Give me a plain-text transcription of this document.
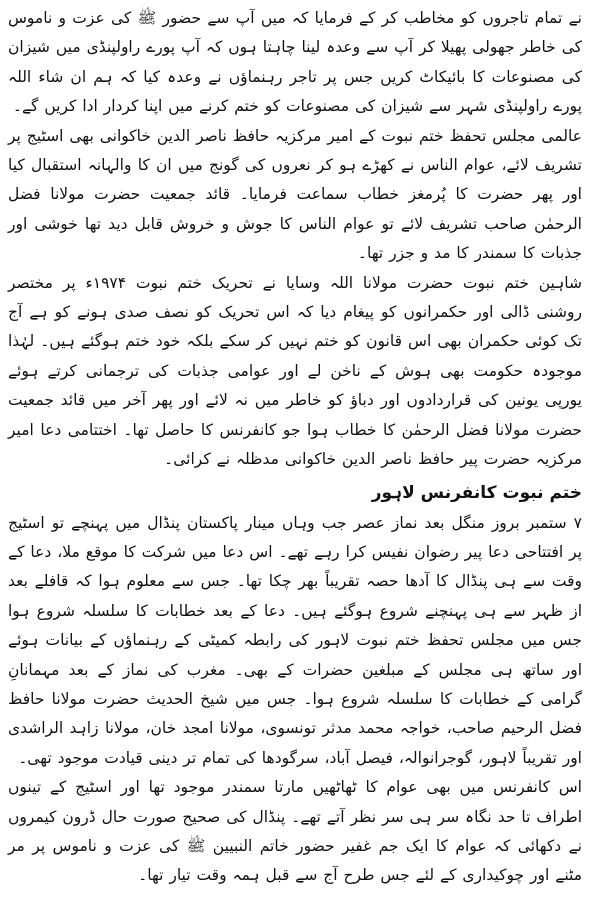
نے تمام تاجروں کو مخاطب کر کے فرمایا کہ میں آپ سے حضور ﷺ کی عزت و ناموس کی خاطر جھولی پھیلا کر آپ سے وعدہ لینا چاہتا ہوں کہ آپ پورے راولپنڈی میں شیزان کی مصنوعات کا بائیکاٹ کریں جس پر تاجر رہنماؤں نے وعدہ کیا کہ ہم ان شاء اللہ پورے راولپنڈی شہر سے شیزان کی مصنوعات کو ختم کرنے میں اپنا کردار ادا کریں گے۔

عالمی مجلس تحفظ ختم نبوت کے امیر مرکزیہ حافظ ناصر الدین خاکوانی بھی اسٹیج پر تشریف لائے، عوام الناس نے کھڑے ہو کر نعروں کی گونج میں ان کا والہانہ استقبال کیا اور پھر حضرت کا پُرمغز خطاب سماعت فرمایا۔ قائد جمعیت حضرت مولانا فضل الرحمٰن صاحب تشریف لائے تو عوام الناس کا جوش و خروش قابل دید تھا خوشی اور جذبات کا سمندر کا مد و جزر تھا۔

شاہین ختم نبوت حضرت مولانا اللہ وسایا نے تحریک ختم نبوت ۱۹۷۴ء پر مختصر روشنی ڈالی اور حکمرانوں کو پیغام دیا کہ اس تحریک کو نصف صدی ہونے کو ہے آج تک کوئی حکمران بھی اس قانون کو ختم نہیں کر سکے بلکہ خود ختم ہوگئے ہیں۔ لہٰذا موجودہ حکومت بھی ہوش کے ناخن لے اور عوامی جذبات کی ترجمانی کرتے ہوئے یورپی یونین کی قراردادوں اور دباؤ کو خاطر میں نہ لائے اور پھر آخر میں قائد جمعیت حضرت مولانا فضل الرحمٰن کا خطاب ہوا جو کانفرنس کا حاصل تھا۔ اختتامی دعا امیر مرکزیہ حضرت پیر حافظ ناصر الدین خاکوانی مدظلہ نے کرائی۔

ختم نبوت کانفرنس لاہور

۷ ستمبر بروز منگل بعد نماز عصر جب وہاں مینار پاکستان پنڈال میں پہنچے تو اسٹیج پر افتتاحی دعا پیر رضوان نفیس کرا رہے تھے۔ اس دعا میں شرکت کا موقع ملا، دعا کے وقت سے ہی پنڈال کا آدھا حصہ تقریباً بھر چکا تھا۔ جس سے معلوم ہوا کہ قافلے بعد از ظہر سے ہی پہنچنے شروع ہوگئے ہیں۔ دعا کے بعد خطابات کا سلسلہ شروع ہوا جس میں مجلس تحفظ ختم نبوت لاہور کی رابطہ کمیٹی کے رہنماؤں کے بیانات ہوئے اور ساتھ ہی مجلس کے مبلغین حضرات کے بھی۔ مغرب کی نماز کے بعد مہمانانِ گرامی کے خطابات کا سلسلہ شروع ہوا۔ جس میں شیخ الحدیث حضرت مولانا حافظ فضل الرحیم صاحب، خواجہ محمد مدثر تونسوی، مولانا امجد خان، مولانا زاہد الراشدی اور تقریباً لاہور، گوجرانوالہ، فیصل آباد، سرگودھا کی تمام تر دینی قیادت موجود تھی۔

اس کانفرنس میں بھی عوام کا ٹھاٹھیں مارتا سمندر موجود تھا اور اسٹیج کے تینوں اطراف تا حد نگاہ سر ہی سر نظر آتے تھے۔ پنڈال کی صحیح صورت حال ڈرون کیمروں نے دکھائی کہ عوام کا ایک جم غفیر حضور خاتم النبیین ﷺ کی عزت و ناموس پر مر مٹنے اور چوکیداری کے لئے جس طرح آج سے قبل ہمہ وقت تیار تھا۔
